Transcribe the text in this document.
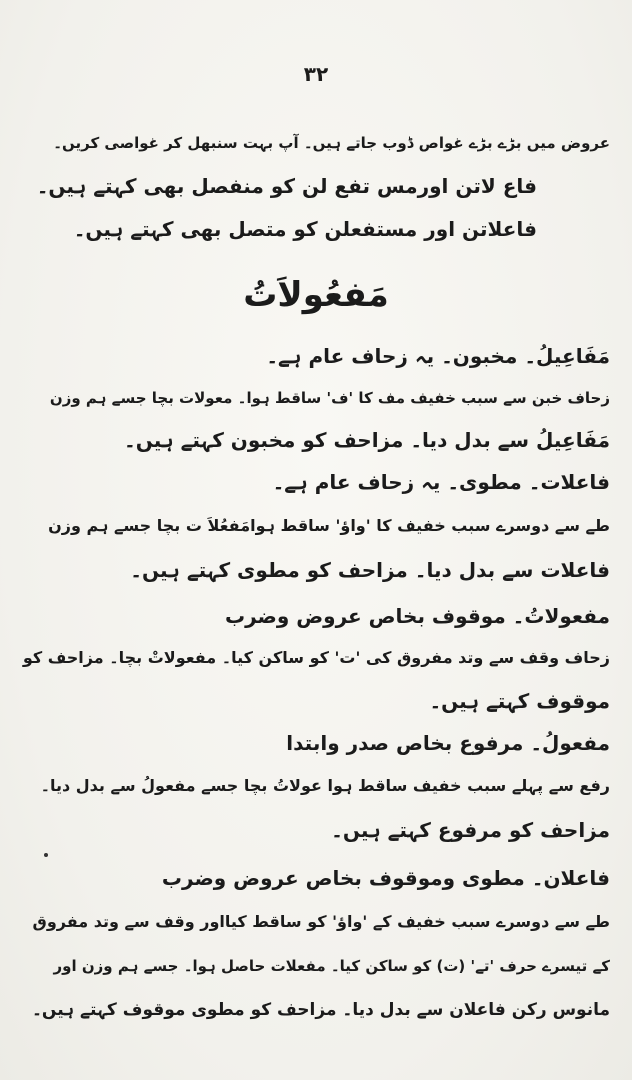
۳۲
عروض میں بڑے بڑے غواص ڈوب جاتے ہیں۔ آپ بہت سنبھل کر غواصی کریں۔
فاع لاتن اورمس تفع لن کو منفصل بھی کہتے ہیں۔
فاعلاتن اور مستفعلن کو متصل بھی کہتے ہیں۔
مَفعُولاَتُ
مَفَاعِیلُ۔ مخبون۔ یہ زحاف عام ہے۔
زحاف خبن سے سبب خفیف مف کا 'ف' ساقط ہوا۔ معولات بچا جسے ہم وزن
مَفَاعِیلُ سے بدل دیا۔ مزاحف کو مخبون کہتے ہیں۔
فاعلات۔ مطوی۔ یہ زحاف عام ہے۔
طے سے دوسرے سبب خفیف کا 'واؤ' ساقط ہوامَفعُلاَ ت بچا جسے ہم وزن
فاعلات سے بدل دیا۔ مزاحف کو مطوی کہتے ہیں۔
مفعولاتُ۔ موقوف بخاص عروض وضرب
زحاف وقف سے وتد مفروق کی 'ت' کو ساکن کیا۔ مفعولاتْ بچا۔ مزاحف کو
موقوف کہتے ہیں۔
مفعولُ۔ مرفوع بخاص صدر وابتدا
رفع سے پہلے سبب خفیف ساقط ہوا عولاتُ بچا جسے مفعولُ سے بدل دیا۔
مزاحف کو مرفوع کہتے ہیں۔
فاعلان۔ مطوی وموقوف بخاص عروض وضرب
طے سے دوسرے سبب خفیف کے 'واؤ' کو ساقط کیااور وقف سے وتد مفروق
کے تیسرے حرف 'تے' (ت) کو ساکن کیا۔ مفعلات حاصل ہوا۔ جسے ہم وزن اور
مانوس رکن فاعلان سے بدل دیا۔ مزاحف کو مطوی موقوف کہتے ہیں۔
